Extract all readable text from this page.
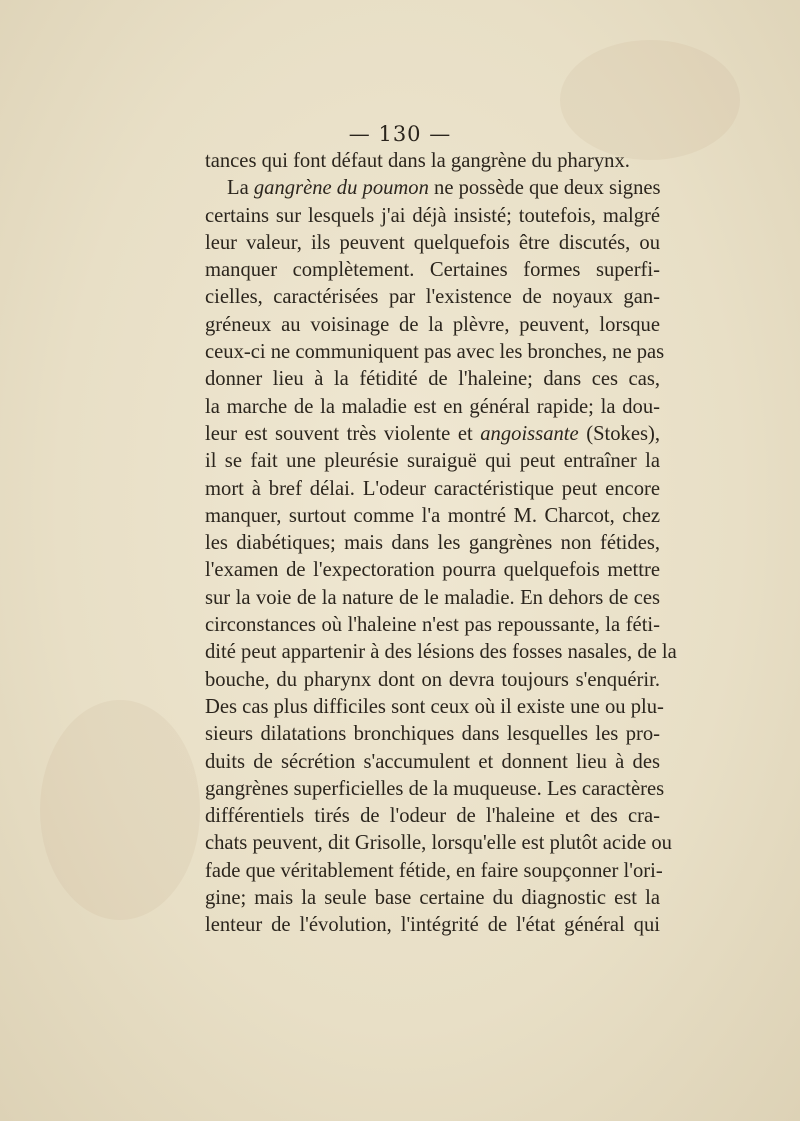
— 130 —
tances qui font défaut dans la gangrène du pharynx.
La gangrène du poumon ne possède que deux signes
certains sur lesquels j'ai déjà insisté; toutefois, malgré
leur valeur, ils peuvent quelquefois être discutés, ou
manquer complètement. Certaines formes superfi-
cielles, caractérisées par l'existence de noyaux gan-
gréneux au voisinage de la plèvre, peuvent, lorsque
ceux-ci ne communiquent pas avec les bronches, ne pas
donner lieu à la fétidité de l'haleine; dans ces cas,
la marche de la maladie est en général rapide; la dou-
leur est souvent très violente et angoissante (Stokes),
il se fait une pleurésie suraiguë qui peut entraîner la
mort à bref délai. L'odeur caractéristique peut encore
manquer, surtout comme l'a montré M. Charcot, chez
les diabétiques; mais dans les gangrènes non fétides,
l'examen de l'expectoration pourra quelquefois mettre
sur la voie de la nature de le maladie. En dehors de ces
circonstances où l'haleine n'est pas repoussante, la féti-
dité peut appartenir à des lésions des fosses nasales, de la
bouche, du pharynx dont on devra toujours s'enquérir.
Des cas plus difficiles sont ceux où il existe une ou plu-
sieurs dilatations bronchiques dans lesquelles les pro-
duits de sécrétion s'accumulent et donnent lieu à des
gangrènes superficielles de la muqueuse. Les caractères
différentiels tirés de l'odeur de l'haleine et des cra-
chats peuvent, dit Grisolle, lorsqu'elle est plutôt acide ou
fade que véritablement fétide, en faire soupçonner l'ori-
gine; mais la seule base certaine du diagnostic est la
lenteur de l'évolution, l'intégrité de l'état général qui
